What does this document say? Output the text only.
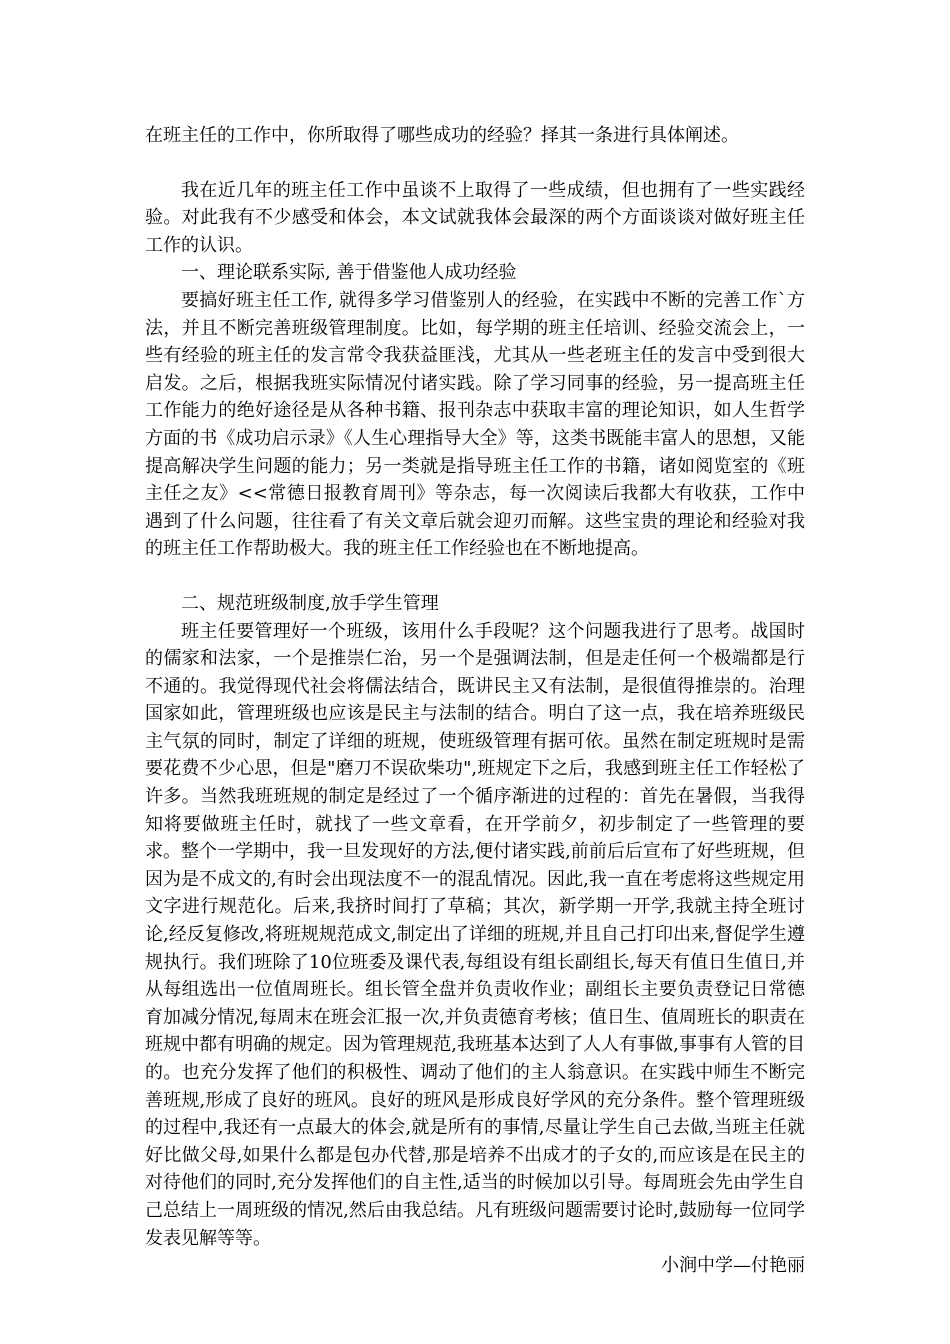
在班主任的工作中，你所取得了哪些成功的经验？择其一条进行具体阐述。

我在近几年的班主任工作中虽谈不上取得了一些成绩，但也拥有了一些实践经验。对此我有不少感受和体会，本文试就我体会最深的两个方面谈谈对做好班主任工作的认识。

一、理论联系实际, 善于借鉴他人成功经验

要搞好班主任工作, 就得多学习借鉴别人的经验，在实践中不断的完善工作`方法，并且不断完善班级管理制度。比如，每学期的班主任培训、经验交流会上，一些有经验的班主任的发言常令我获益匪浅，尤其从一些老班主任的发言中受到很大启发。之后，根据我班实际情况付诸实践。除了学习同事的经验，另一提高班主任工作能力的绝好途径是从各种书籍、报刊杂志中获取丰富的理论知识，如人生哲学方面的书《成功启示录》《人生心理指导大全》等，这类书既能丰富人的思想，又能提高解决学生问题的能力；另一类就是指导班主任工作的书籍，诸如阅览室的《班主任之友》<<常德日报教育周刊》等杂志，每一次阅读后我都大有收获，工作中遇到了什么问题，往往看了有关文章后就会迎刃而解。这些宝贵的理论和经验对我的班主任工作帮助极大。我的班主任工作经验也在不断地提高。

二、规范班级制度,放手学生管理

班主任要管理好一个班级，该用什么手段呢？这个问题我进行了思考。战国时的儒家和法家，一个是推崇仁治，另一个是强调法制，但是走任何一个极端都是行不通的。我觉得现代社会将儒法结合，既讲民主又有法制，是很值得推崇的。治理国家如此，管理班级也应该是民主与法制的结合。明白了这一点，我在培养班级民主气氛的同时，制定了详细的班规，使班级管理有据可依。虽然在制定班规时是需要花费不少心思，但是"磨刀不误砍柴功",班规定下之后，我感到班主任工作轻松了许多。当然我班班规的制定是经过了一个循序渐进的过程的：首先在暑假，当我得知将要做班主任时，就找了一些文章看，在开学前夕，初步制定了一些管理的要求。整个一学期中，我一旦发现好的方法,便付诸实践,前前后后宣布了好些班规，但因为是不成文的,有时会出现法度不一的混乱情况。因此,我一直在考虑将这些规定用文字进行规范化。后来,我挤时间打了草稿；其次，新学期一开学,我就主持全班讨论,经反复修改,将班规规范成文,制定出了详细的班规,并且自己打印出来,督促学生遵规执行。我们班除了10位班委及课代表,每组设有组长副组长,每天有值日生值日,并从每组选出一位值周班长。组长管全盘并负责收作业；副组长主要负责登记日常德育加减分情况,每周末在班会汇报一次,并负责德育考核；值日生、值周班长的职责在班规中都有明确的规定。因为管理规范,我班基本达到了人人有事做,事事有人管的目的。也充分发挥了他们的积极性、调动了他们的主人翁意识。在实践中师生不断完善班规,形成了良好的班风。良好的班风是形成良好学风的充分条件。整个管理班级的过程中,我还有一点最大的体会,就是所有的事情,尽量让学生自己去做,当班主任就好比做父母,如果什么都是包办代替,那是培养不出成才的子女的,而应该是在民主的对待他们的同时,充分发挥他们的自主性,适当的时候加以引导。每周班会先由学生自己总结上一周班级的情况,然后由我总结。凡有班级问题需要讨论时,鼓励每一位同学发表见解等等。

小涧中学—付艳丽
